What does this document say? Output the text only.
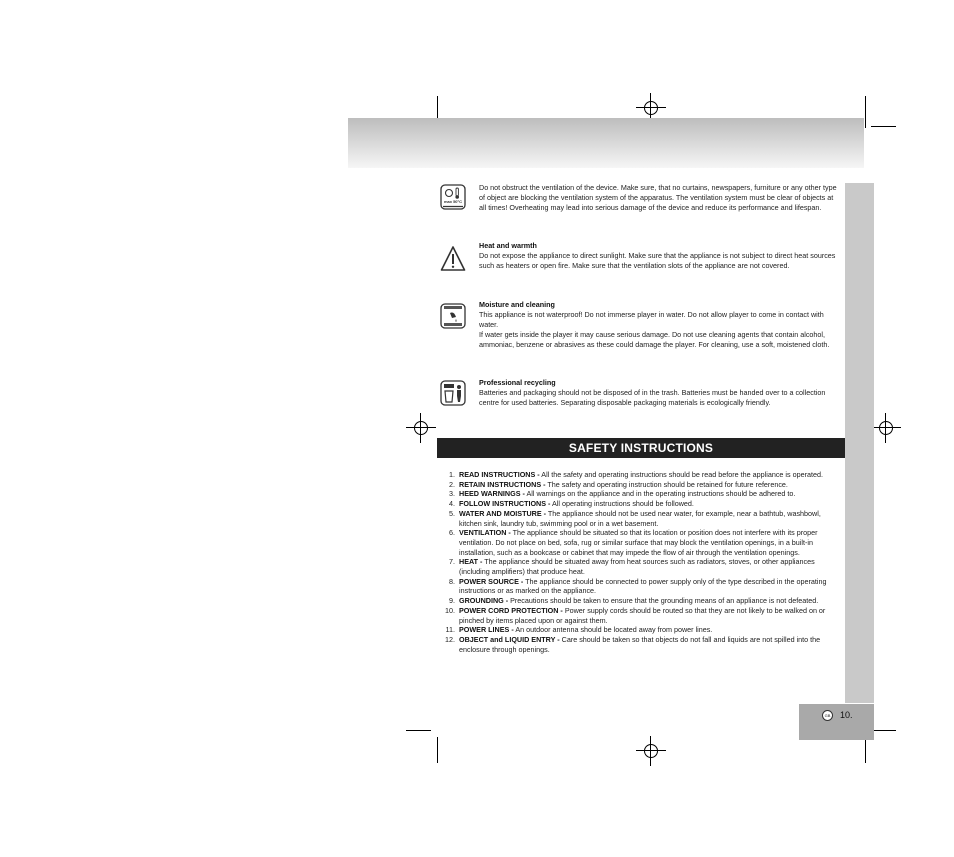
max 50°C
Do not obstruct the ventilation of the device. Make sure, that no curtains, newspapers, furniture or any other type of object are blocking the ventilation system of the apparatus. The ventilation system must be clear of objects at all times! Overheating may lead into serious damage of the device and reduce its performance and lifespan.
Heat and warmth
Do not expose the appliance to direct sunlight. Make sure that the appliance is not subject to direct heat sources such as heaters or open fire. Make sure that the ventilation slots of the appliance are not covered.
Moisture and cleaning
This appliance is not waterproof! Do not immerse player in water. Do not allow player to come in contact with water.
If water gets inside the player it may cause serious damage. Do not use cleaning agents that contain alcohol, ammoniac, benzene or abrasives as these could damage the player. For cleaning, use a soft, moistened cloth.
Professional recycling
Batteries and packaging should not be disposed of in the trash. Batteries must be handed over to a collection centre for used batteries. Separating disposable packaging materials is ecologically friendly.
SAFETY INSTRUCTIONS
1. READ INSTRUCTIONS - All the safety and operating instructions should be read before the appliance is operated.
2. RETAIN INSTRUCTIONS - The safety and operating instruction should be retained for future reference.
3. HEED WARNINGS - All warnings on the appliance and in the operating instructions should be adhered to.
4. FOLLOW INSTRUCTIONS - All operating instructions should be followed.
5. WATER AND MOISTURE - The appliance should not be used near water, for example, near a bathtub, washbowl, kitchen sink, laundry tub, swimming pool or in a wet basement.
6. VENTILATION - The appliance should be situated so that its location or position does not interfere with its proper ventilation. Do not place on bed, sofa, rug or similar surface that may block the ventilation openings, in a built-in installation, such as a bookcase or cabinet that may impede the flow of air through the ventilation openings.
7. HEAT - The appliance should be situated away from heat sources such as radiators, stoves, or other appliances (including amplifiers) that produce heat.
8. POWER SOURCE - The appliance should be connected to power supply only of the type described in the operating instructions or as marked on the appliance.
9. GROUNDING - Precautions should be taken to ensure that the grounding means of an appliance is not defeated.
10. POWER CORD PROTECTION - Power supply cords should be routed so that they are not likely to be walked on or pinched by items placed upon or against them.
11. POWER LINES - An outdoor antenna should be located away from power lines.
12. OBJECT and LIQUID ENTRY - Care should be taken so that objects do not fall and liquids are not spilled into the enclosure through openings.
GB 10.
